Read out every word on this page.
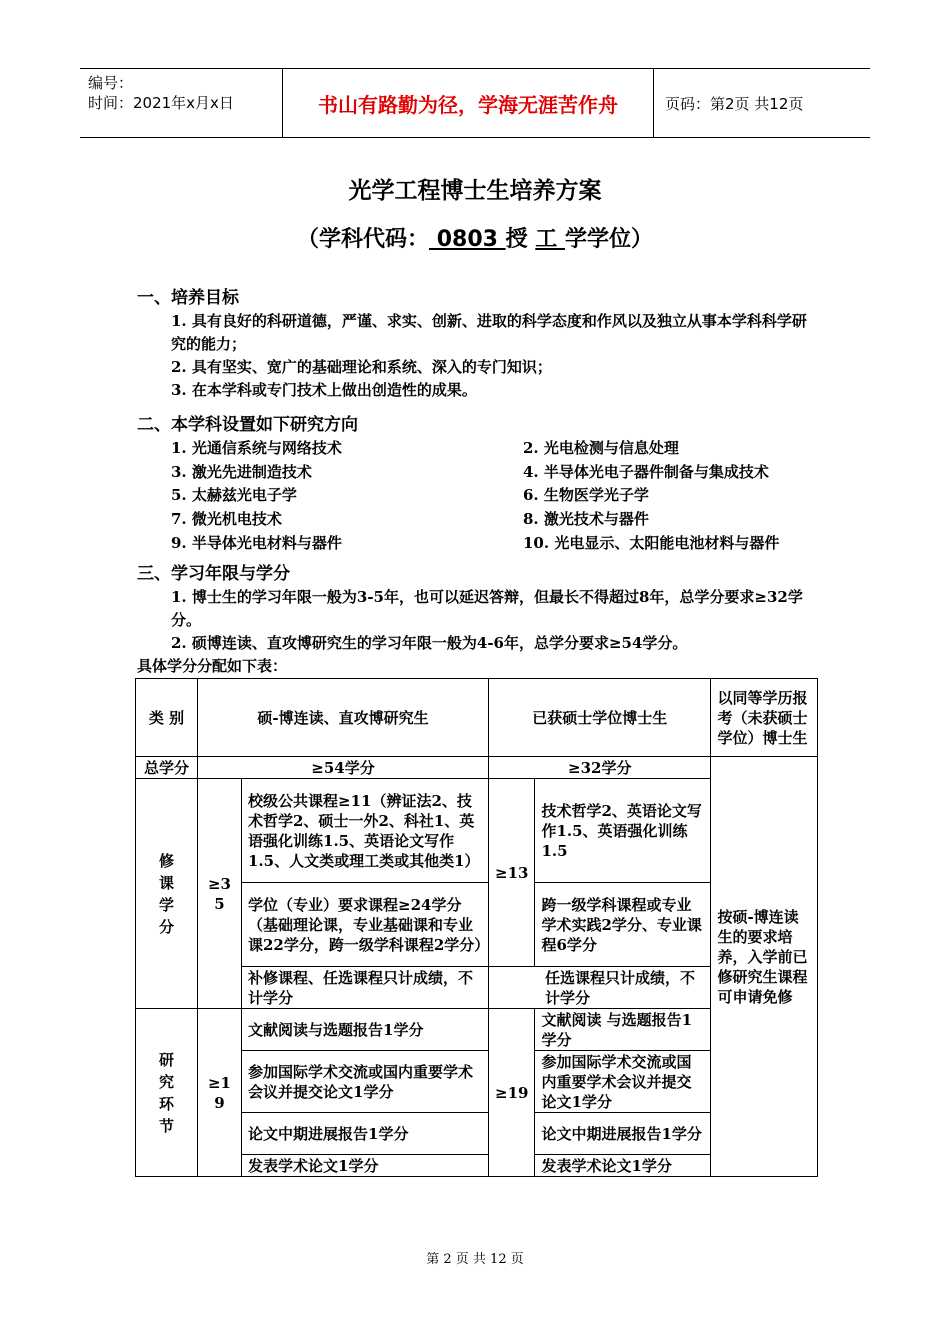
编号：
时间：2021年x月x日	书山有路勤为径，学海无涯苦作舟	页码：第2页 共12页
光学工程博士生培养方案
（学科代码： 0803 授 工 学学位）
一、培养目标
1. 具有良好的科研道德，严谨、求实、创新、进取的科学态度和作风以及独立从事本学科科学研究的能力；
2. 具有坚实、宽广的基础理论和系统、深入的专门知识；
3. 在本学科或专门技术上做出创造性的成果。
二、本学科设置如下研究方向
1. 光通信系统与网络技术	2. 光电检测与信息处理
3. 激光先进制造技术	4. 半导体光电子器件制备与集成技术
5. 太赫兹光电子学	6. 生物医学光子学
7. 微光机电技术	8. 激光技术与器件
9. 半导体光电材料与器件	10. 光电显示、太阳能电池材料与器件
三、学习年限与学分
1. 博士生的学习年限一般为3-5年，也可以延迟答辩，但最长不得超过8年，总学分要求≥32学分。
2. 硕博连读、直攻博研究生的学习年限一般为4-6年，总学分要求≥54学分。
具体学分分配如下表：
类 别	硕-博连读、直攻博研究生		已获硕士学位博士生		以同等学历报考（未获硕士学位）博士生
总学分	≥54学分		≥32学分		按硕-博连读生的要求培养，入学前已修研究生课程可申请免修

修课学分	≥35	校级公共课程≥11（辨证法2、技术哲学2、硕士一外2、科社1、英语强化训练1.5、英语论文写作1.5、人文类或理工类或其他类1）	≥13	技术哲学2、英语论文写作1.5、英语强化训练1.5	
		学位（专业）要求课程≥24学分（基础理论课，专业基础课和专业课22学分，跨一级学科课程2学分）		跨一级学科课程或专业学术实践2学分、专业课程6学分	
		补修课程、任选课程只计成绩，不计学分	任选课程只计成绩，不计学分		

研究环节	≥19	文献阅读与选题报告1学分	≥19	文献阅读 与选题报告1学分	
		参加国际学术交流或国内重要学术会议并提交论文1学分		参加国际学术交流或国内重要学术会议并提交论文1学分	
		论文中期进展报告1学分		论文中期进展报告1学分	
		发表学术论文1学分		发表学术论文1学分	
第 2 页 共 12 页
